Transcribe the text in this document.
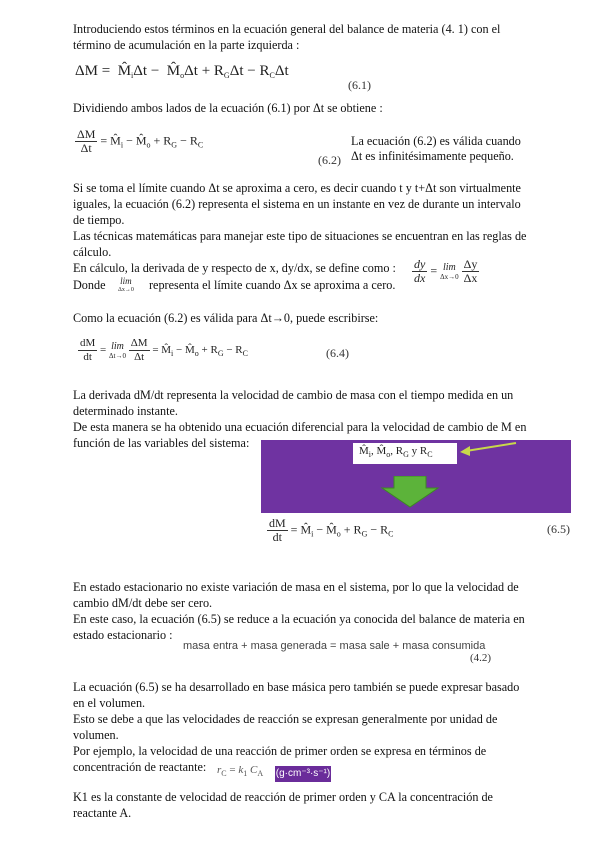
Introduciendo estos términos en la ecuación general del balance de materia (4. 1) con el
término de acumulación en la parte izquierda :
$\Delta M = M̂_i\Delta t$ −  $M̂_o\Delta t + R_G\Delta t - R_C\Delta t$
(6.1)
Dividiendo ambos lados de la ecuación (6.1) por Δt se obtiene :
$\frac{\Delta M}{\Delta t}$ = $M̂_i$ − $M̂_o + R_G - R_C$
(6.2)
La ecuación (6.2) es válida cuando
Δt es infinitésimamente pequeño.
Si se toma el límite cuando Δt se aproxima a cero, es decir cuando t y t+Δt son virtualmente
iguales, la ecuación (6.2) representa el sistema en un instante en vez de durante un intervalo
de tiempo.
Las técnicas matemáticas para manejar este tipo de situaciones se encuentran en las reglas de
cálculo.
En cálculo, la derivada de y respecto de x, dy/dx, se define como : $\frac{dy}{dx} = \lim$
Δx→0
$\frac{\Delta y}{\Delta x}$
Donde lim
Δx→0 representa el límite cuando Δx se aproxima a cero.
Como la ecuación (6.2) es válida para Δt→0, puede escribirse:
$\frac{dM}{dt} = \lim$
Δt→0
$\frac{\Delta M}{\Delta t}$ = $M̂_i$ − $M̂_o + R_G - R_C$	(6.4)
La derivada dM/dt representa la velocidad de cambio de masa con el tiempo medida en un
determinado instante.
De esta manera se ha obtenido una ecuación diferencial para la velocidad de cambio de M en
función de las variables del sistema:
$M̂_i$, $M̂_o$, $R_G$ y $R_C$
$\frac{dM}{dt}$ = $M̂_i$ − $M̂_o + R_G - R_C$	(6.5)
En estado estacionario no existe variación de masa en el sistema, por lo que la velocidad de
cambio dM/dt debe ser cero.
En este caso, la ecuación (6.5) se reduce a la ecuación ya conocida del balance de materia en
estado estacionario :
masa entra + masa generada = masa sale + masa consumida
(4.2)
La ecuación (6.5) se ha desarrollado en base másica pero también se puede expresar basado
en el volumen.
Esto se debe a que las velocidades de reacción se expresan generalmente por unidad de
volumen.
Por ejemplo, la velocidad de una reacción de primer orden se expresa en términos de
concentración de reactante: $r_C = k_1$ $C_A$ (g·cm⁻³·s⁻¹)
K1 es la constante de velocidad de reacción de primer orden y CA la concentración de
reactante A.
